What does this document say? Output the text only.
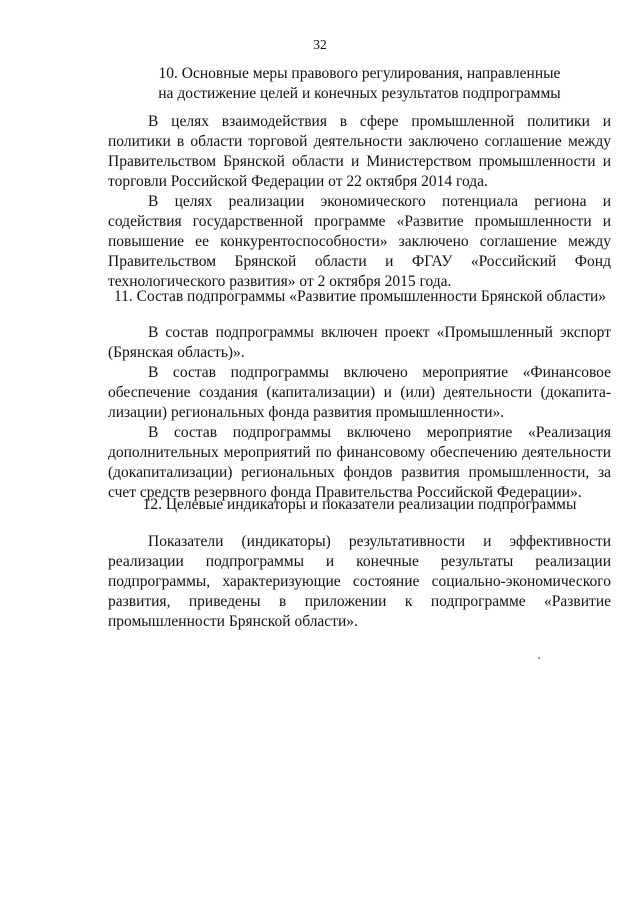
32
10. Основные меры правового регулирования, направленные
на достижение целей и конечных результатов подпрограммы

В целях взаимодействия в сфере промышленной политики и политики в области торговой деятельности заключено соглашение между Правительством Брянской области и Министерством промышленности и торговли Российской Федерации от 22 октября 2014 года.

В целях реализации экономического потенциала региона и содействия государственной программе «Развитие промышленности и повышение ее конкурентоспособности» заключено соглашение между Правительством Брянской области и ФГАУ «Российский Фонд технологического развития» от 2 октября 2015 года.

11. Состав подпрограммы «Развитие промышленности Брянской области»

В состав подпрограммы включен проект «Промышленный экспорт (Брянская область)».

В состав подпрограммы включено мероприятие «Финансовое обеспечение создания (капитализации) и (или) деятельности (докапита-лизации) региональных фонда развития промышленности».

В состав подпрограммы включено мероприятие «Реализация дополнительных мероприятий по финансовому обеспечению деятельности (докапитализации) региональных фондов развития промышленности, за счет средств резервного фонда Правительства Российской Федерации».

12. Целевые индикаторы и показатели реализации подпрограммы

Показатели (индикаторы) результативности и эффективности реализации подпрограммы и конечные результаты реализации подпрограммы, характеризующие состояние социально-экономического развития, приведены в приложении к подпрограмме «Развитие промышленности Брянской области».
